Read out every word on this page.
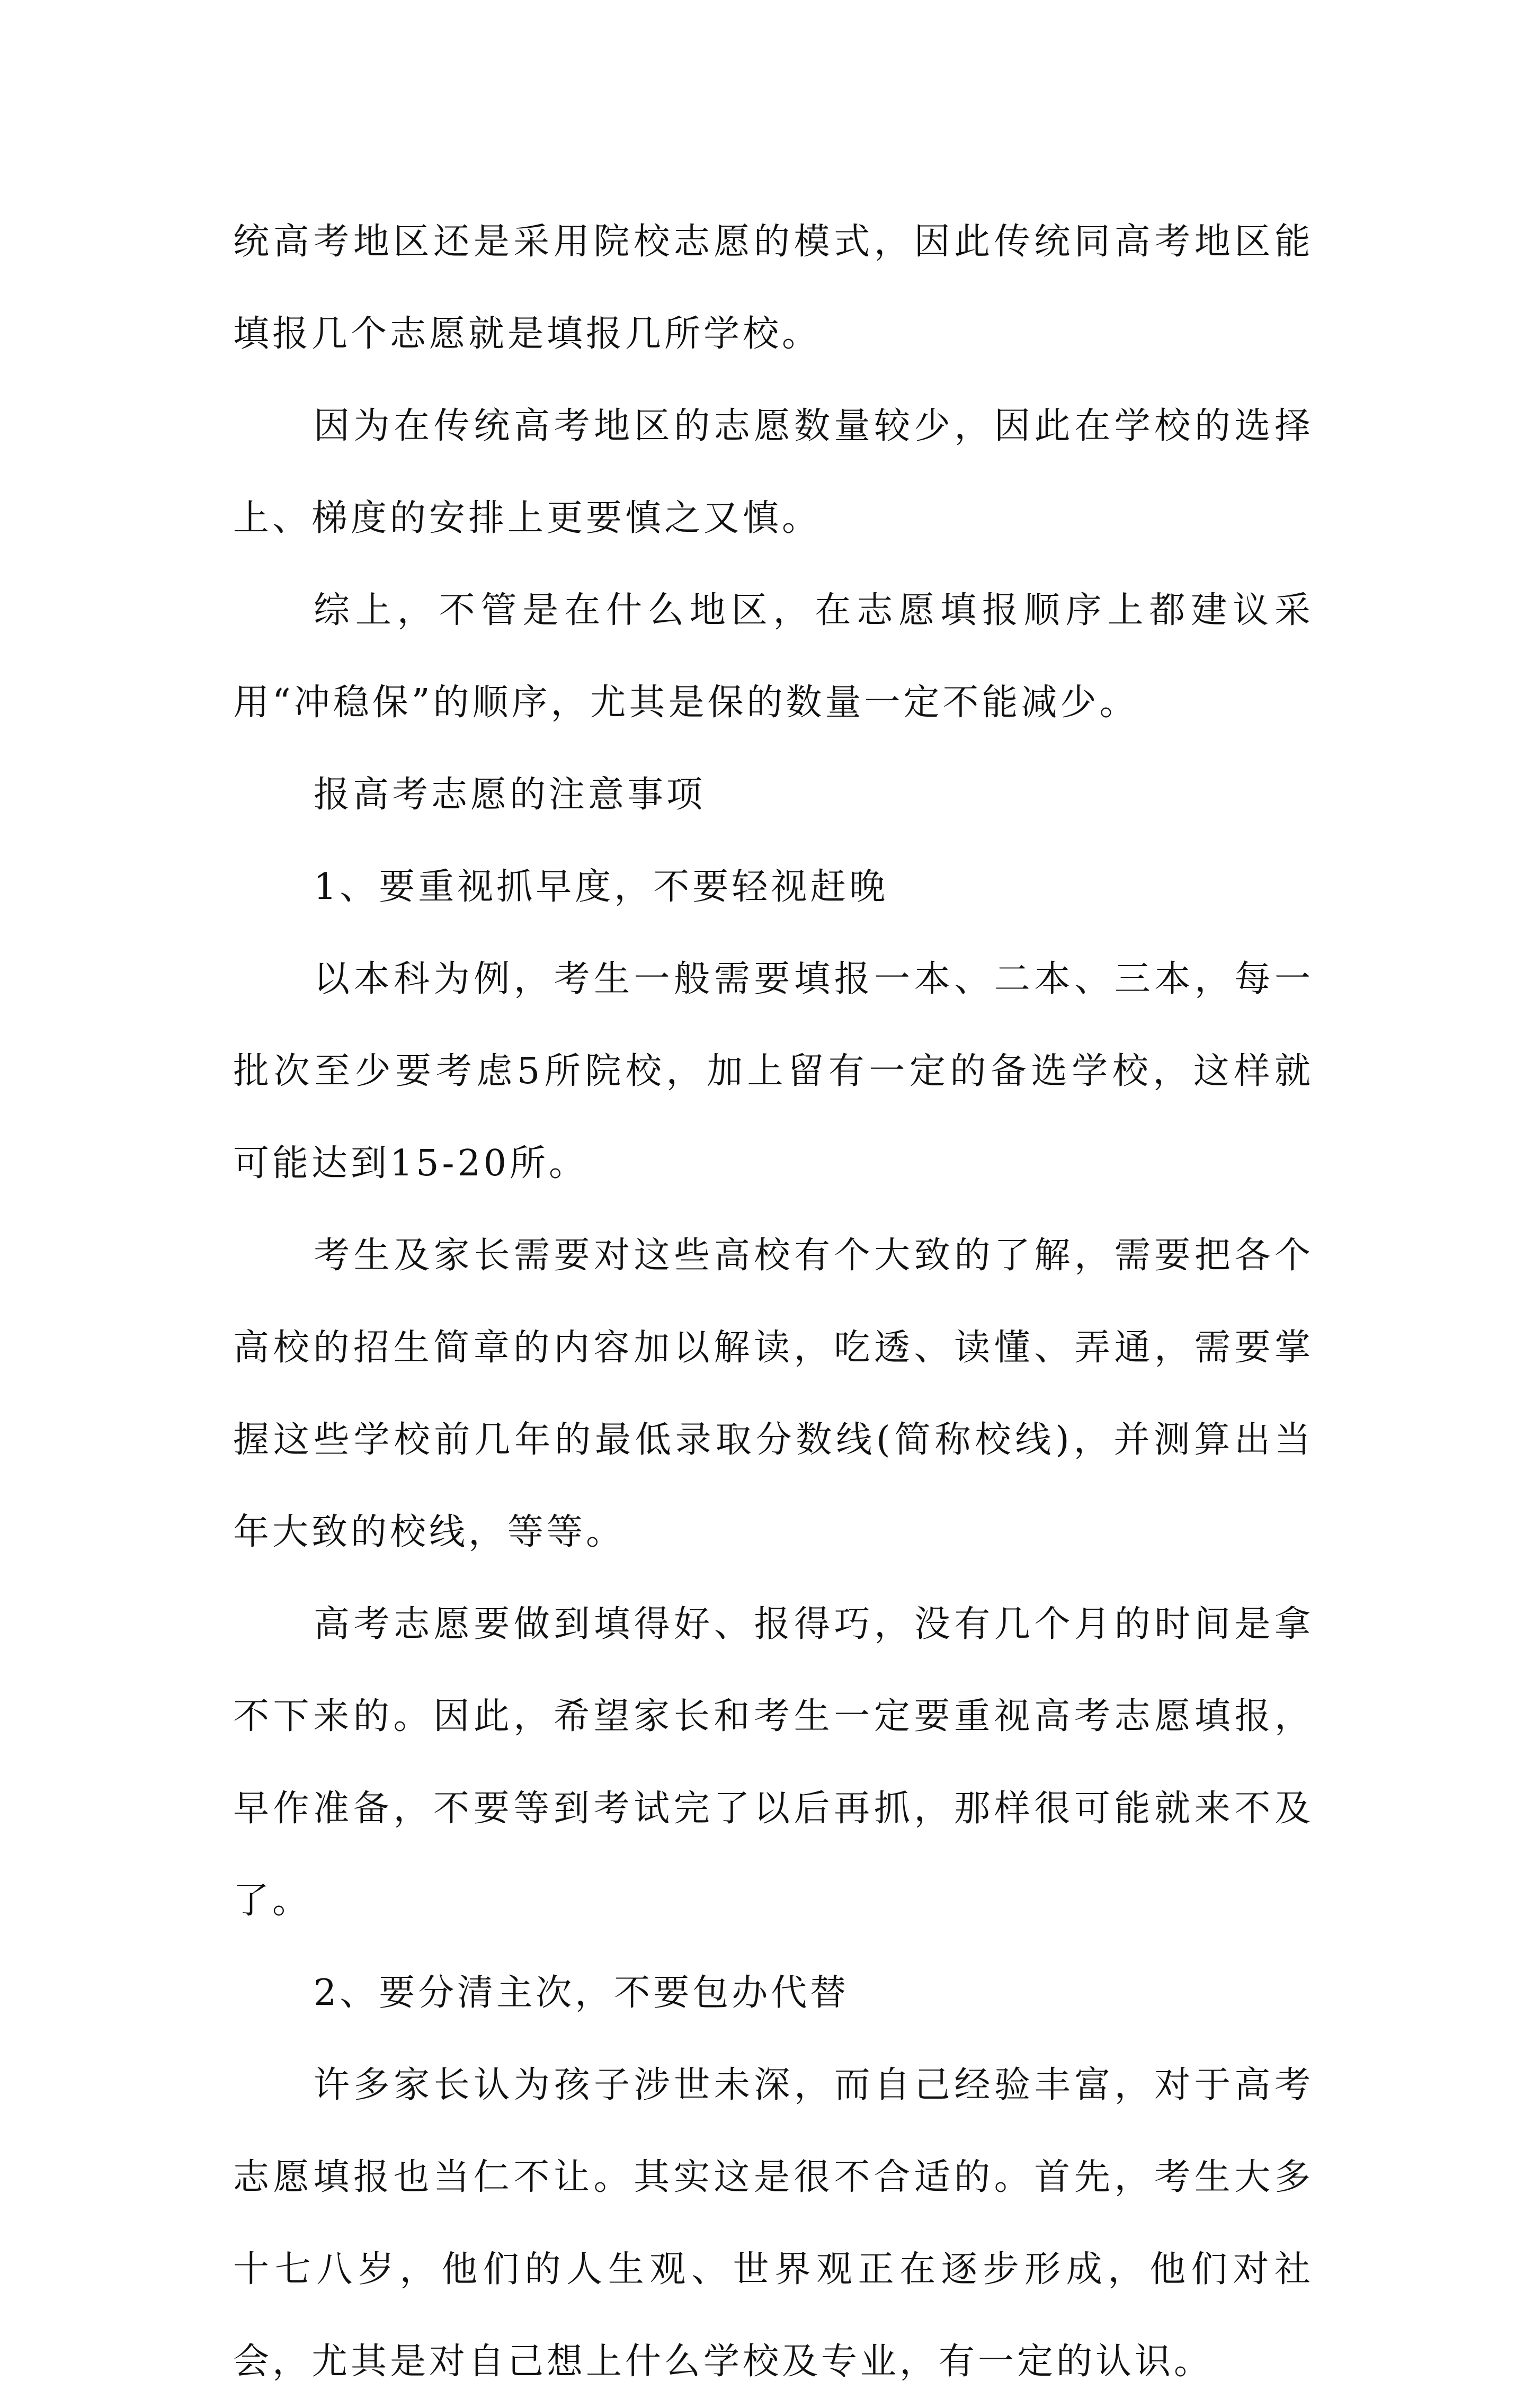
统高考地区还是采用院校志愿的模式，因此传统同高考地区能填报几个志愿就是填报几所学校。

因为在传统高考地区的志愿数量较少，因此在学校的选择上、梯度的安排上更要慎之又慎。

综上，不管是在什么地区，在志愿填报顺序上都建议采用“冲稳保”的顺序，尤其是保的数量一定不能减少。

报高考志愿的注意事项

1、要重视抓早度，不要轻视赶晚

以本科为例，考生一般需要填报一本、二本、三本，每一批次至少要考虑5所院校，加上留有一定的备选学校，这样就可能达到15-20所。

考生及家长需要对这些高校有个大致的了解，需要把各个高校的招生简章的内容加以解读，吃透、读懂、弄通，需要掌握这些学校前几年的最低录取分数线(简称校线)，并测算出当年大致的校线，等等。

高考志愿要做到填得好、报得巧，没有几个月的时间是拿不下来的。因此，希望家长和考生一定要重视高考志愿填报，早作准备，不要等到考试完了以后再抓，那样很可能就来不及了。

2、要分清主次，不要包办代替

许多家长认为孩子涉世未深，而自己经验丰富，对于高考志愿填报也当仁不让。其实这是很不合适的。首先，考生大多十七八岁，他们的人生观、世界观正在逐步形成，他们对社会，尤其是对自己想上什么学校及专业，有一定的认识。
